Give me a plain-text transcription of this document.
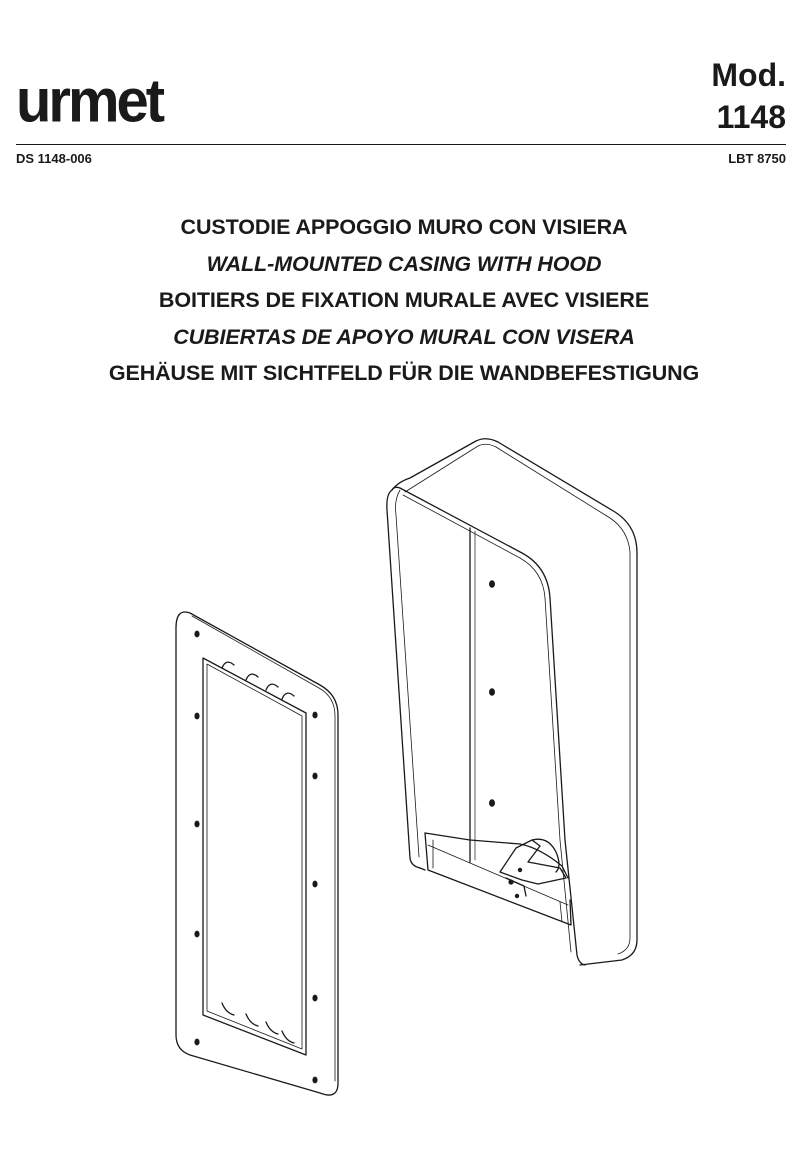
urmet	Mod.
1148
DS 1148-006	LBT 8750
CUSTODIE APPOGGIO MURO CON VISIERA
WALL-MOUNTED CASING WITH HOOD
BOITIERS DE FIXATION MURALE AVEC VISIERE
CUBIERTAS DE APOYO MURAL CON VISERA
GEHÄUSE MIT SICHTFELD FÜR DIE WANDBEFESTIGUNG
